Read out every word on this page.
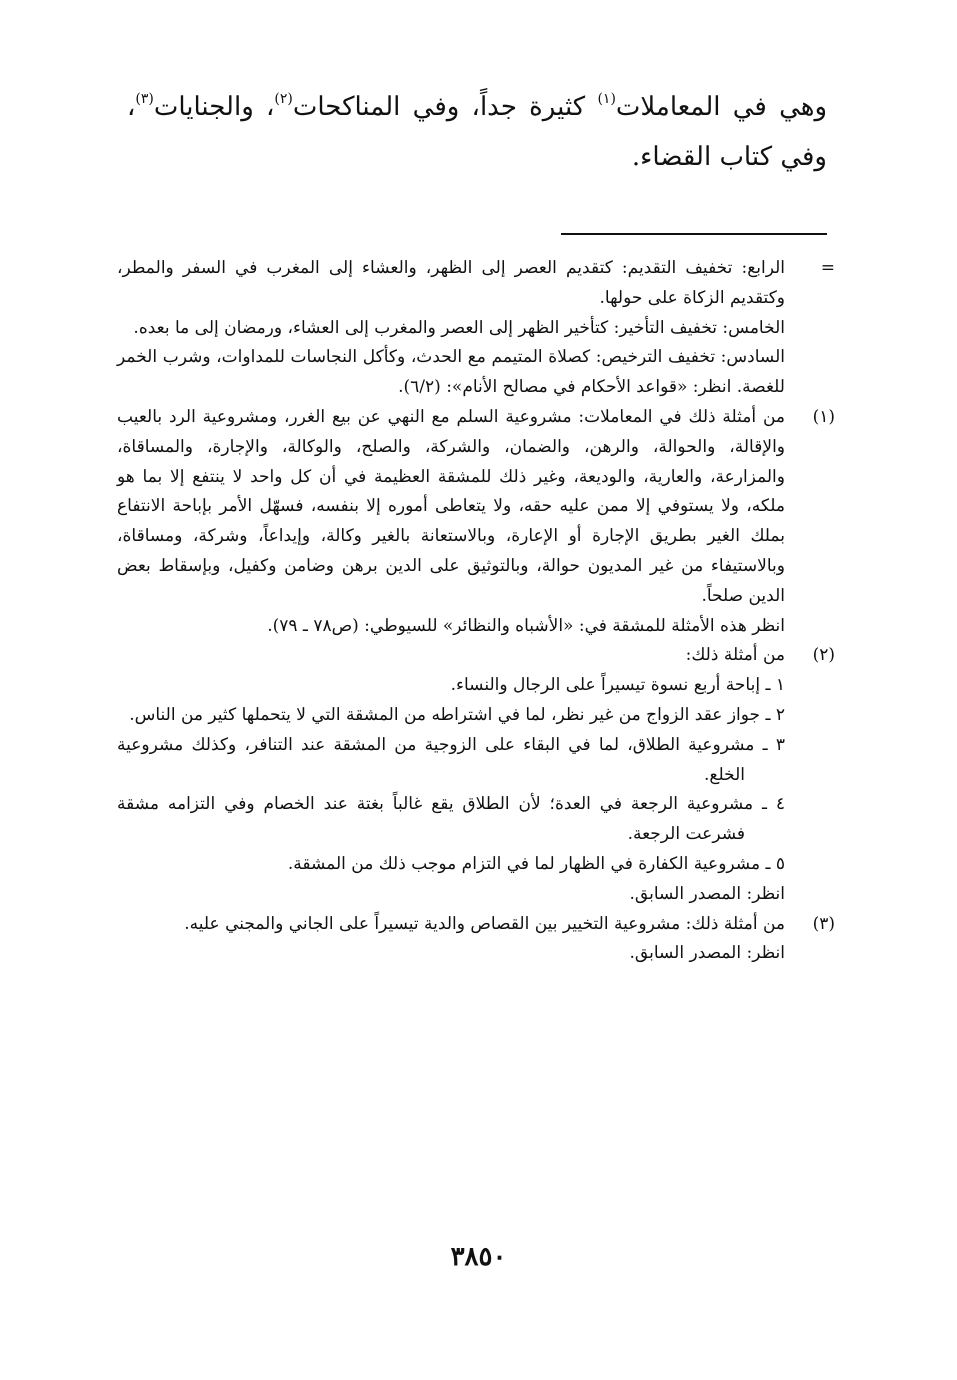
وهي في المعاملات$^{(١)}$ كثيرة جداً، وفي المناكحات$^{(٢)}$، والجنايات$^{(٣)}$، وفي كتاب القضاء.
=
الرابع: تخفيف التقديم: كتقديم العصر إلى الظهر، والعشاء إلى المغرب في السفر والمطر، وكتقديم الزكاة على حولها.
الخامس: تخفيف التأخير: كتأخير الظهر إلى العصر والمغرب إلى العشاء، ورمضان إلى ما بعده.
السادس: تخفيف الترخيص: كصلاة المتيمم مع الحدث، وكأكل النجاسات للمداوات، وشرب الخمر للغصة. انظر: «قواعد الأحكام في مصالح الأنام»: (٦/٢).
(١)
من أمثلة ذلك في المعاملات: مشروعية السلم مع النهي عن بيع الغرر، ومشروعية الرد بالعيب والإقالة، والحوالة، والرهن، والضمان، والشركة، والصلح، والوكالة، والإجارة، والمساقاة، والمزارعة، والعارية، والوديعة، وغير ذلك للمشقة العظيمة في أن كل واحد لا ينتفع إلا بما هو ملكه، ولا يستوفي إلا ممن عليه حقه، ولا يتعاطى أموره إلا بنفسه، فسهّل الأمر بإباحة الانتفاع بملك الغير بطريق الإجارة أو الإعارة، وبالاستعانة بالغير وكالة، وإيداعاً، وشركة، ومساقاة، وبالاستيفاء من غير المديون حوالة، وبالتوثيق على الدين برهن وضامن وكفيل، وبإسقاط بعض الدين صلحاً.
انظر هذه الأمثلة للمشقة في: «الأشباه والنظائر» للسيوطي: (ص٧٨ ـ ٧٩).
(٢)
من أمثلة ذلك:
١ ـ إباحة أربع نسوة تيسيراً على الرجال والنساء.
٢ ـ جواز عقد الزواج من غير نظر، لما في اشتراطه من المشقة التي لا يتحملها كثير من الناس.
٣ ـ مشروعية الطلاق، لما في البقاء على الزوجية من المشقة عند التنافر، وكذلك مشروعية الخلع.
٤ ـ مشروعية الرجعة في العدة؛ لأن الطلاق يقع غالباً بغتة عند الخصام وفي التزامه مشقة فشرعت الرجعة.
٥ ـ مشروعية الكفارة في الظهار لما في التزام موجب ذلك من المشقة.
انظر: المصدر السابق.
(٣)
من أمثلة ذلك: مشروعية التخيير بين القصاص والدية تيسيراً على الجاني والمجني عليه.
انظر: المصدر السابق.
٣٨٥٠
